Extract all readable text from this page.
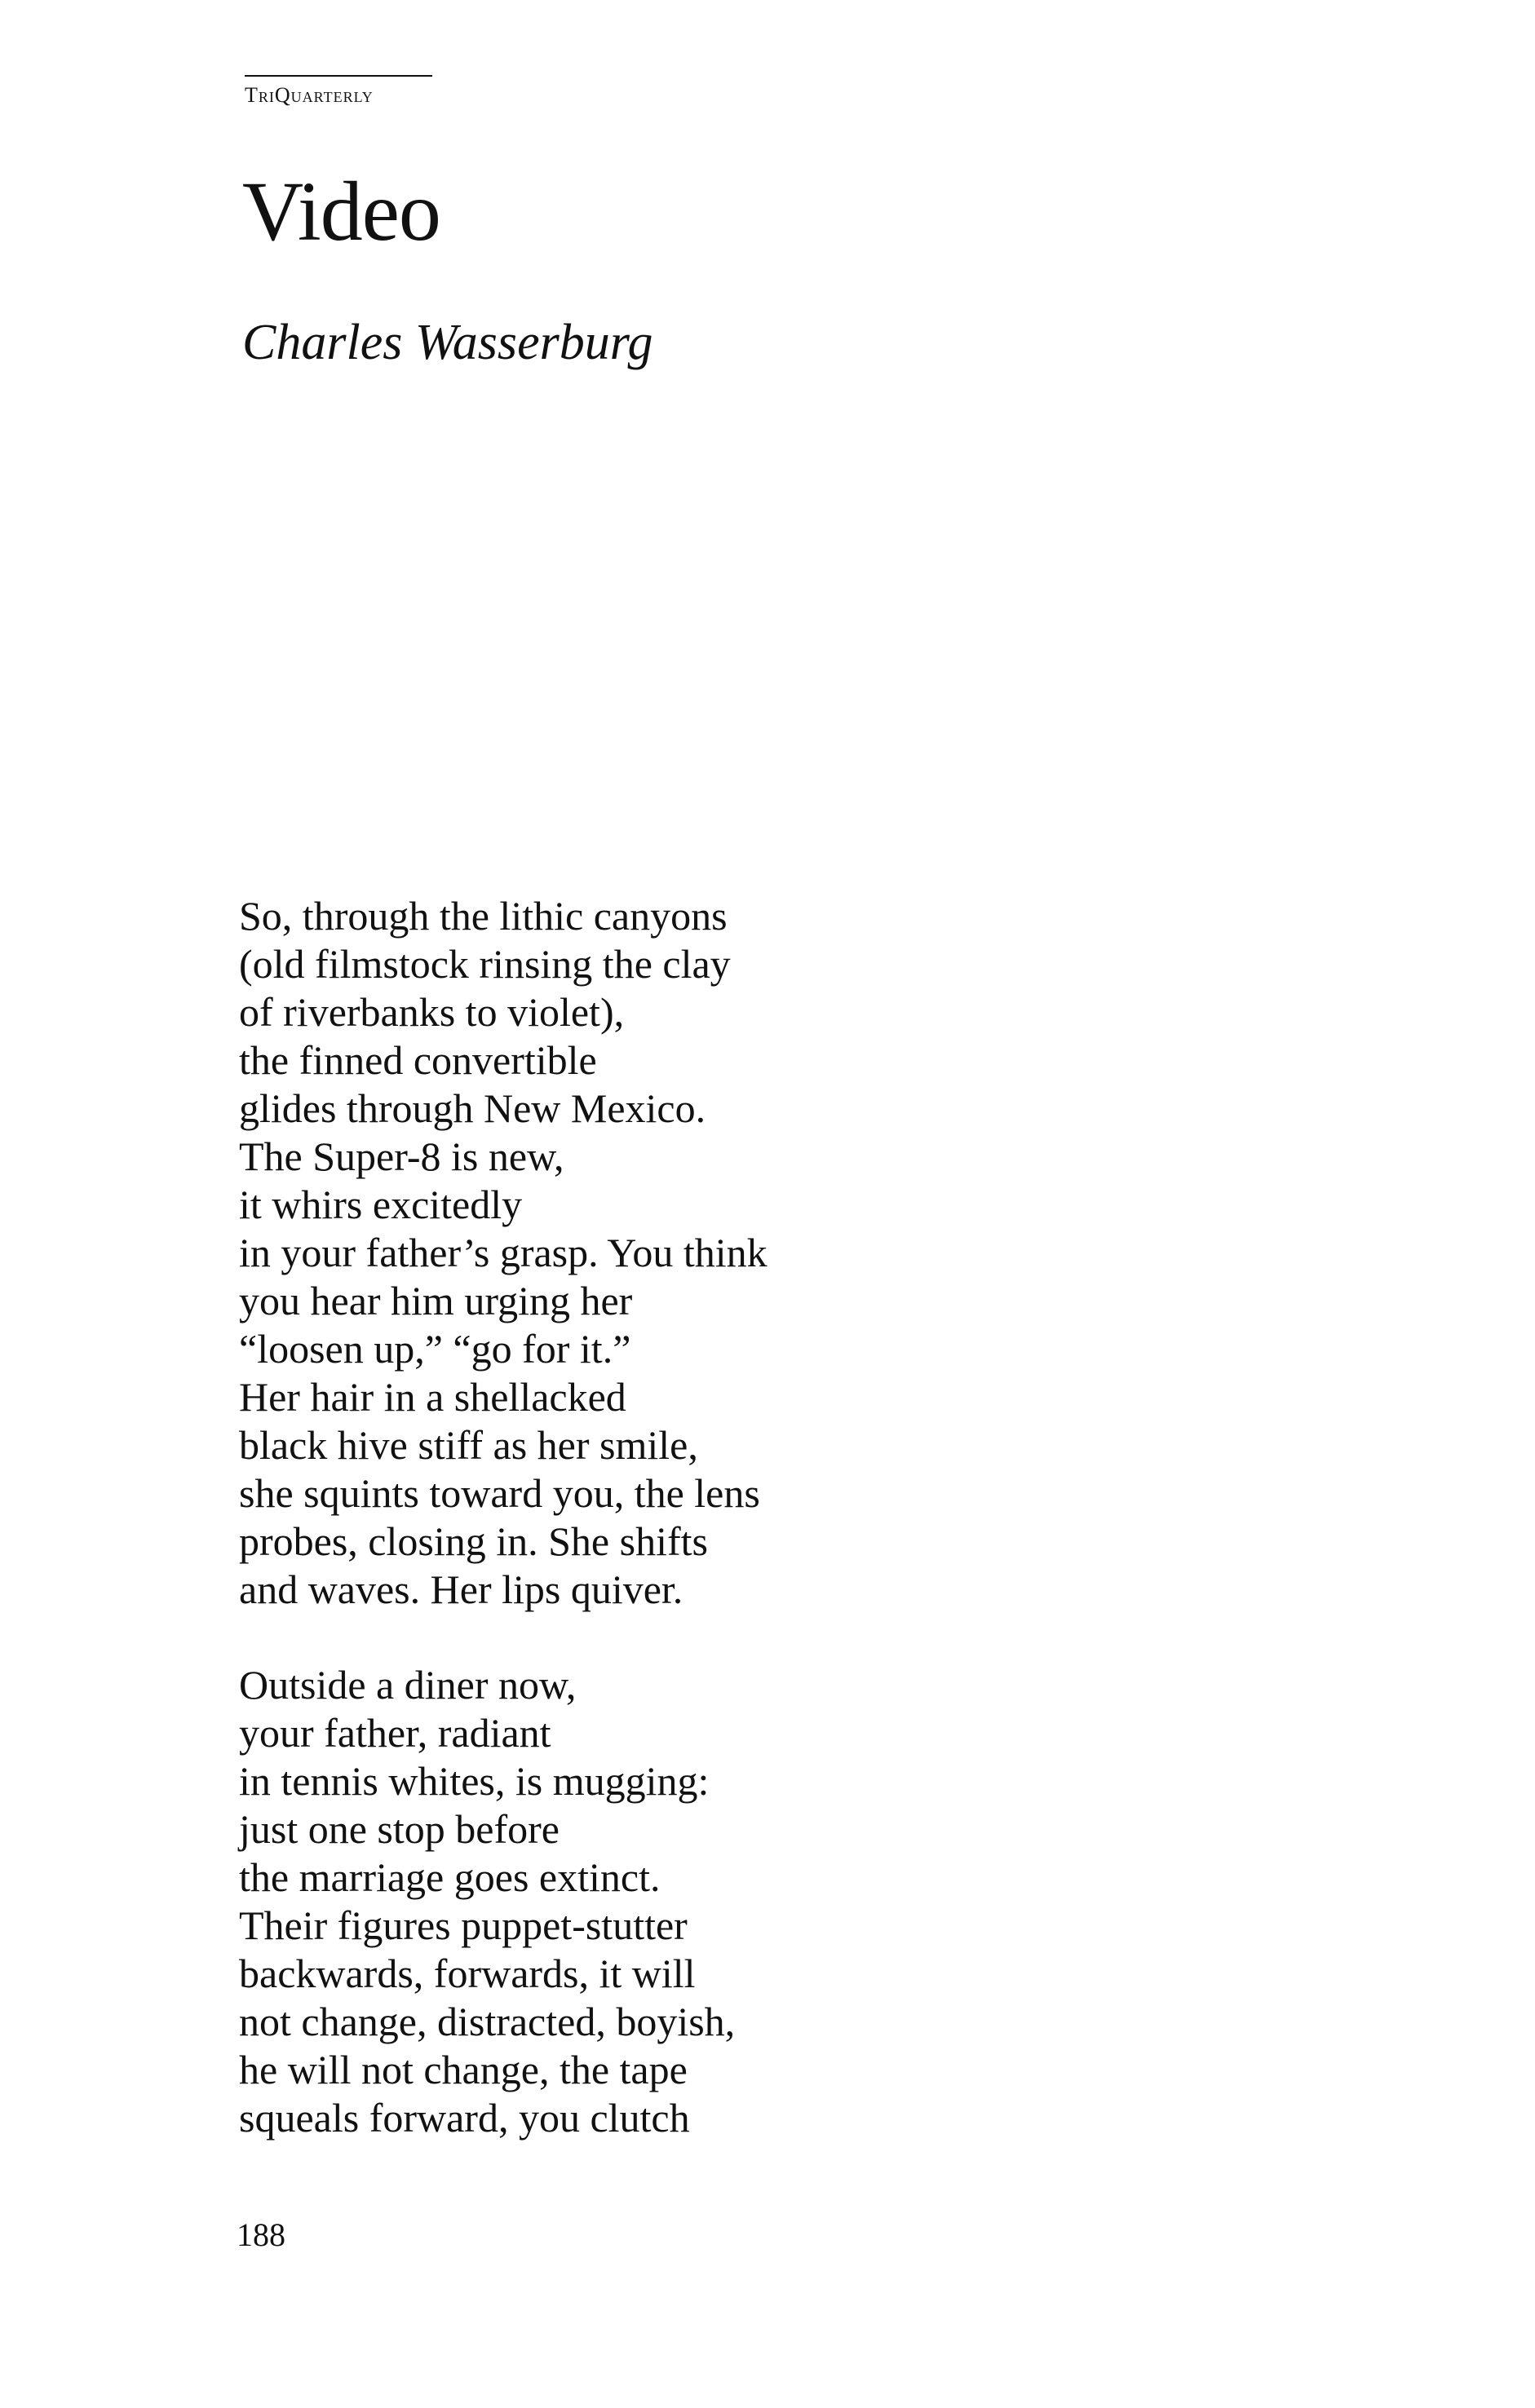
TriQuarterly
Video
Charles Wasserburg
So, through the lithic canyons
(old filmstock rinsing the clay
of riverbanks to violet),
the finned convertible
glides through New Mexico.
The Super-8 is new,
it whirs excitedly
in your father’s grasp. You think
you hear him urging her
“loosen up,” “go for it.”
Her hair in a shellacked
black hive stiff as her smile,
she squints toward you, the lens
probes, closing in. She shifts
and waves. Her lips quiver.
Outside a diner now,
your father, radiant
in tennis whites, is mugging:
just one stop before
the marriage goes extinct.
Their figures puppet-stutter
backwards, forwards, it will
not change, distracted, boyish,
he will not change, the tape
squeals forward, you clutch
188
